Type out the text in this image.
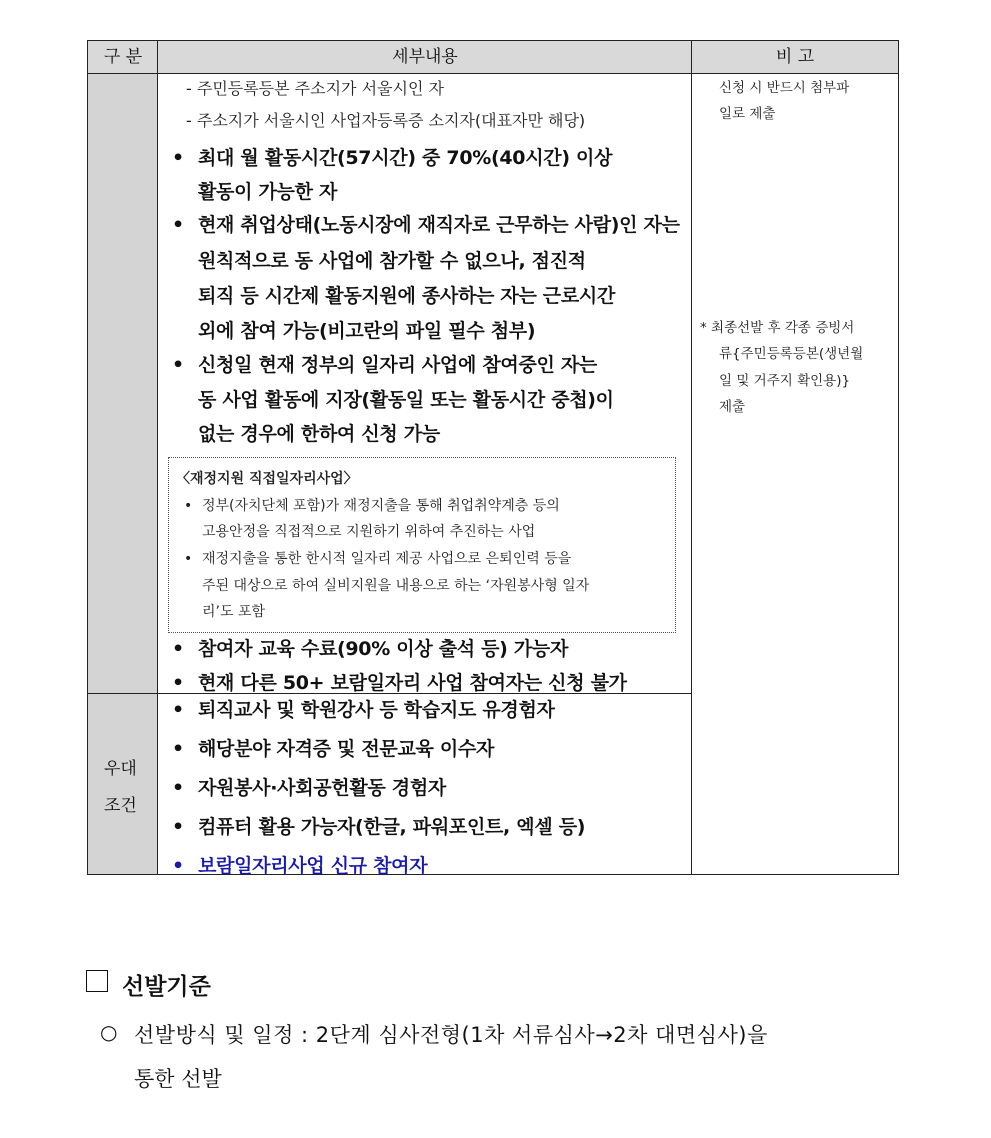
구 분	세부내용	비 고
- 주민등록등본 주소지가 서울시인 자
- 주소지가 서울시인 사업자등록증 소지자(대표자만 해당)
• 최대 월 활동시간(57시간) 중 70%(40시간) 이상
활동이 가능한 자
• 현재 취업상태(노동시장에 재직자로 근무하는 사람)인 자는
원칙적으로 동 사업에 참가할 수 없으나, 점진적
퇴직 등 시간제 활동지원에 종사하는 자는 근로시간
외에 참여 가능(비고란의 파일 필수 첨부)
• 신청일 현재 정부의 일자리 사업에 참여중인 자는
동 사업 활동에 지장(활동일 또는 활동시간 중첩)이
없는 경우에 한하여 신청 가능
〈재정지원 직접일자리사업〉
• 정부(자치단체 포함)가 재정지출을 통해 취업취약계층 등의
고용안정을 직접적으로 지원하기 위하여 추진하는 사업
• 재정지출을 통한 한시적 일자리 제공 사업으로 은퇴인력 등을
주된 대상으로 하여 실비지원을 내용으로 하는 ‘자원봉사형 일자
리’도 포함
• 참여자 교육 수료(90% 이상 출석 등) 가능자
• 현재 다른 50+ 보람일자리 사업 참여자는 신청 불가
우대
조건
• 퇴직교사 및 학원강사 등 학습지도 유경험자
• 해당분야 자격증 및 전문교육 이수자
• 자원봉사·사회공헌활동 경험자
• 컴퓨터 활용 가능자(한글, 파워포인트, 엑셀 등)
• 보람일자리사업 신규 참여자
신청 시 반드시 첨부파
일로 제출
* 최종선발 후 각종 증빙서
류{주민등록등본(생년월
일 및 거주지 확인용)}
제출
선발기준
○ 선발방식 및 일정 : 2단계 심사전형(1차 서류심사→2차 대면심사)을
통한 선발
